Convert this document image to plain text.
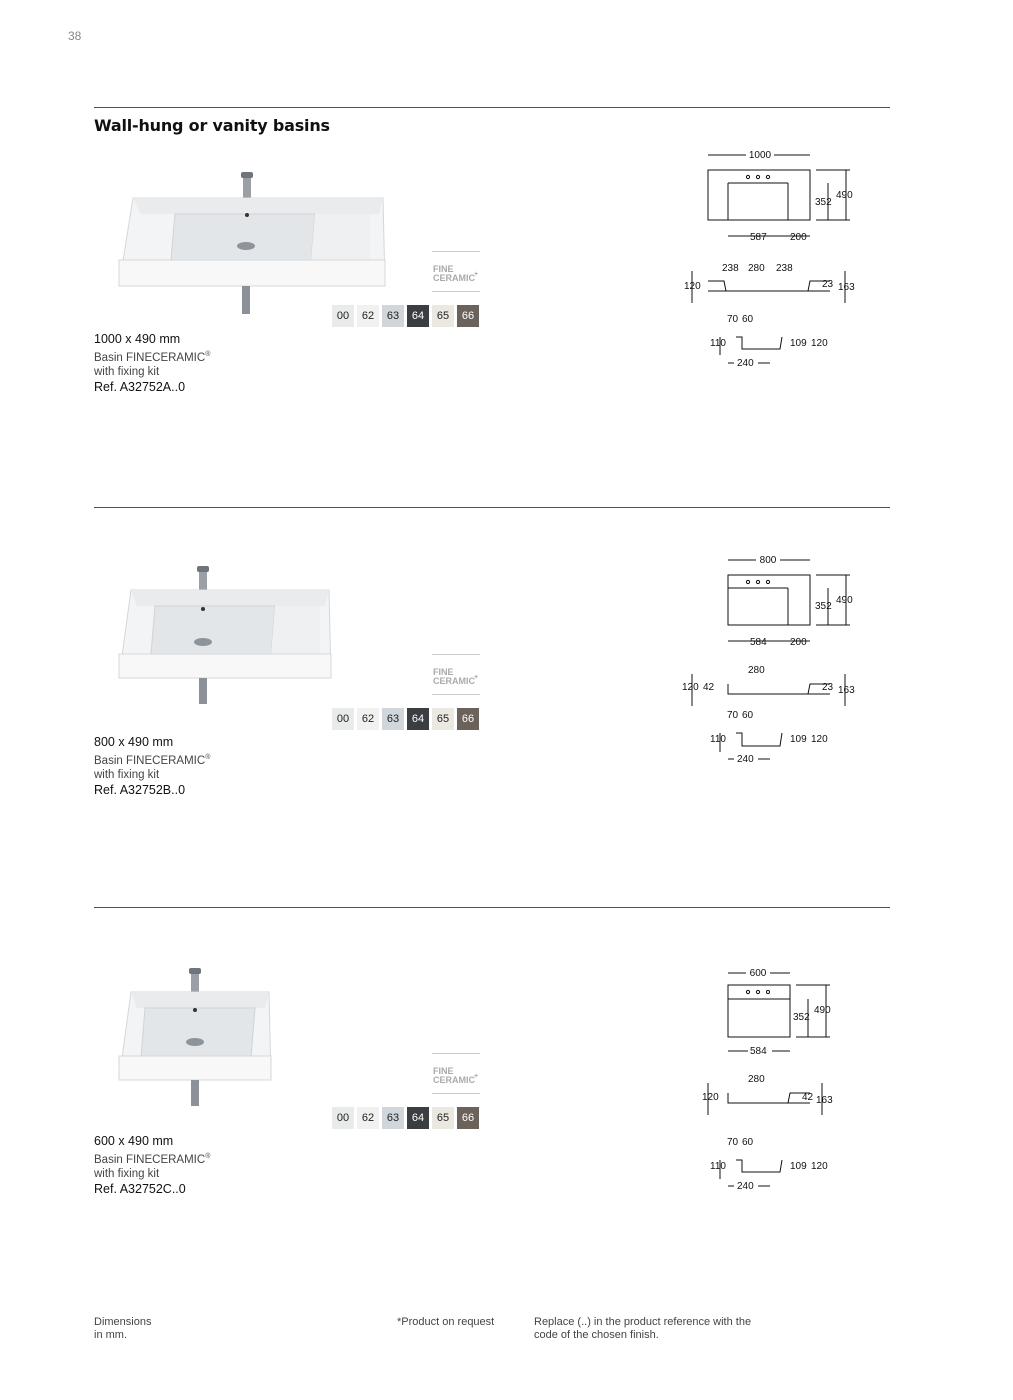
38
Wall-hung or vanity basins
FINE
CERAMIC +
00 62 63 64 65 66
1000 x 490 mm
Basin FINECERAMIC®
with fixing kit
Ref. A32752A..0
1000
352
490
587 200
238 280 238
120	23 163
70 60
110	109 120
240
FINE
CERAMIC +
00 62 63 64 65 66
800 x 490 mm
Basin FINECERAMIC®
with fixing kit
Ref. A32752B..0
800
352
490
584 200
280
120 42	23 163
70 60
110	109 120
240
FINE
CERAMIC +
00 62 63 64 65 66
600 x 490 mm
Basin FINECERAMIC®
with fixing kit
Ref. A32752C..0
600
352
490
584
280
120	42 163
70 60
110	109 120
240
Dimensions
in mm.
*Product on request	Replace (..) in the product reference with the
code of the chosen finish.
